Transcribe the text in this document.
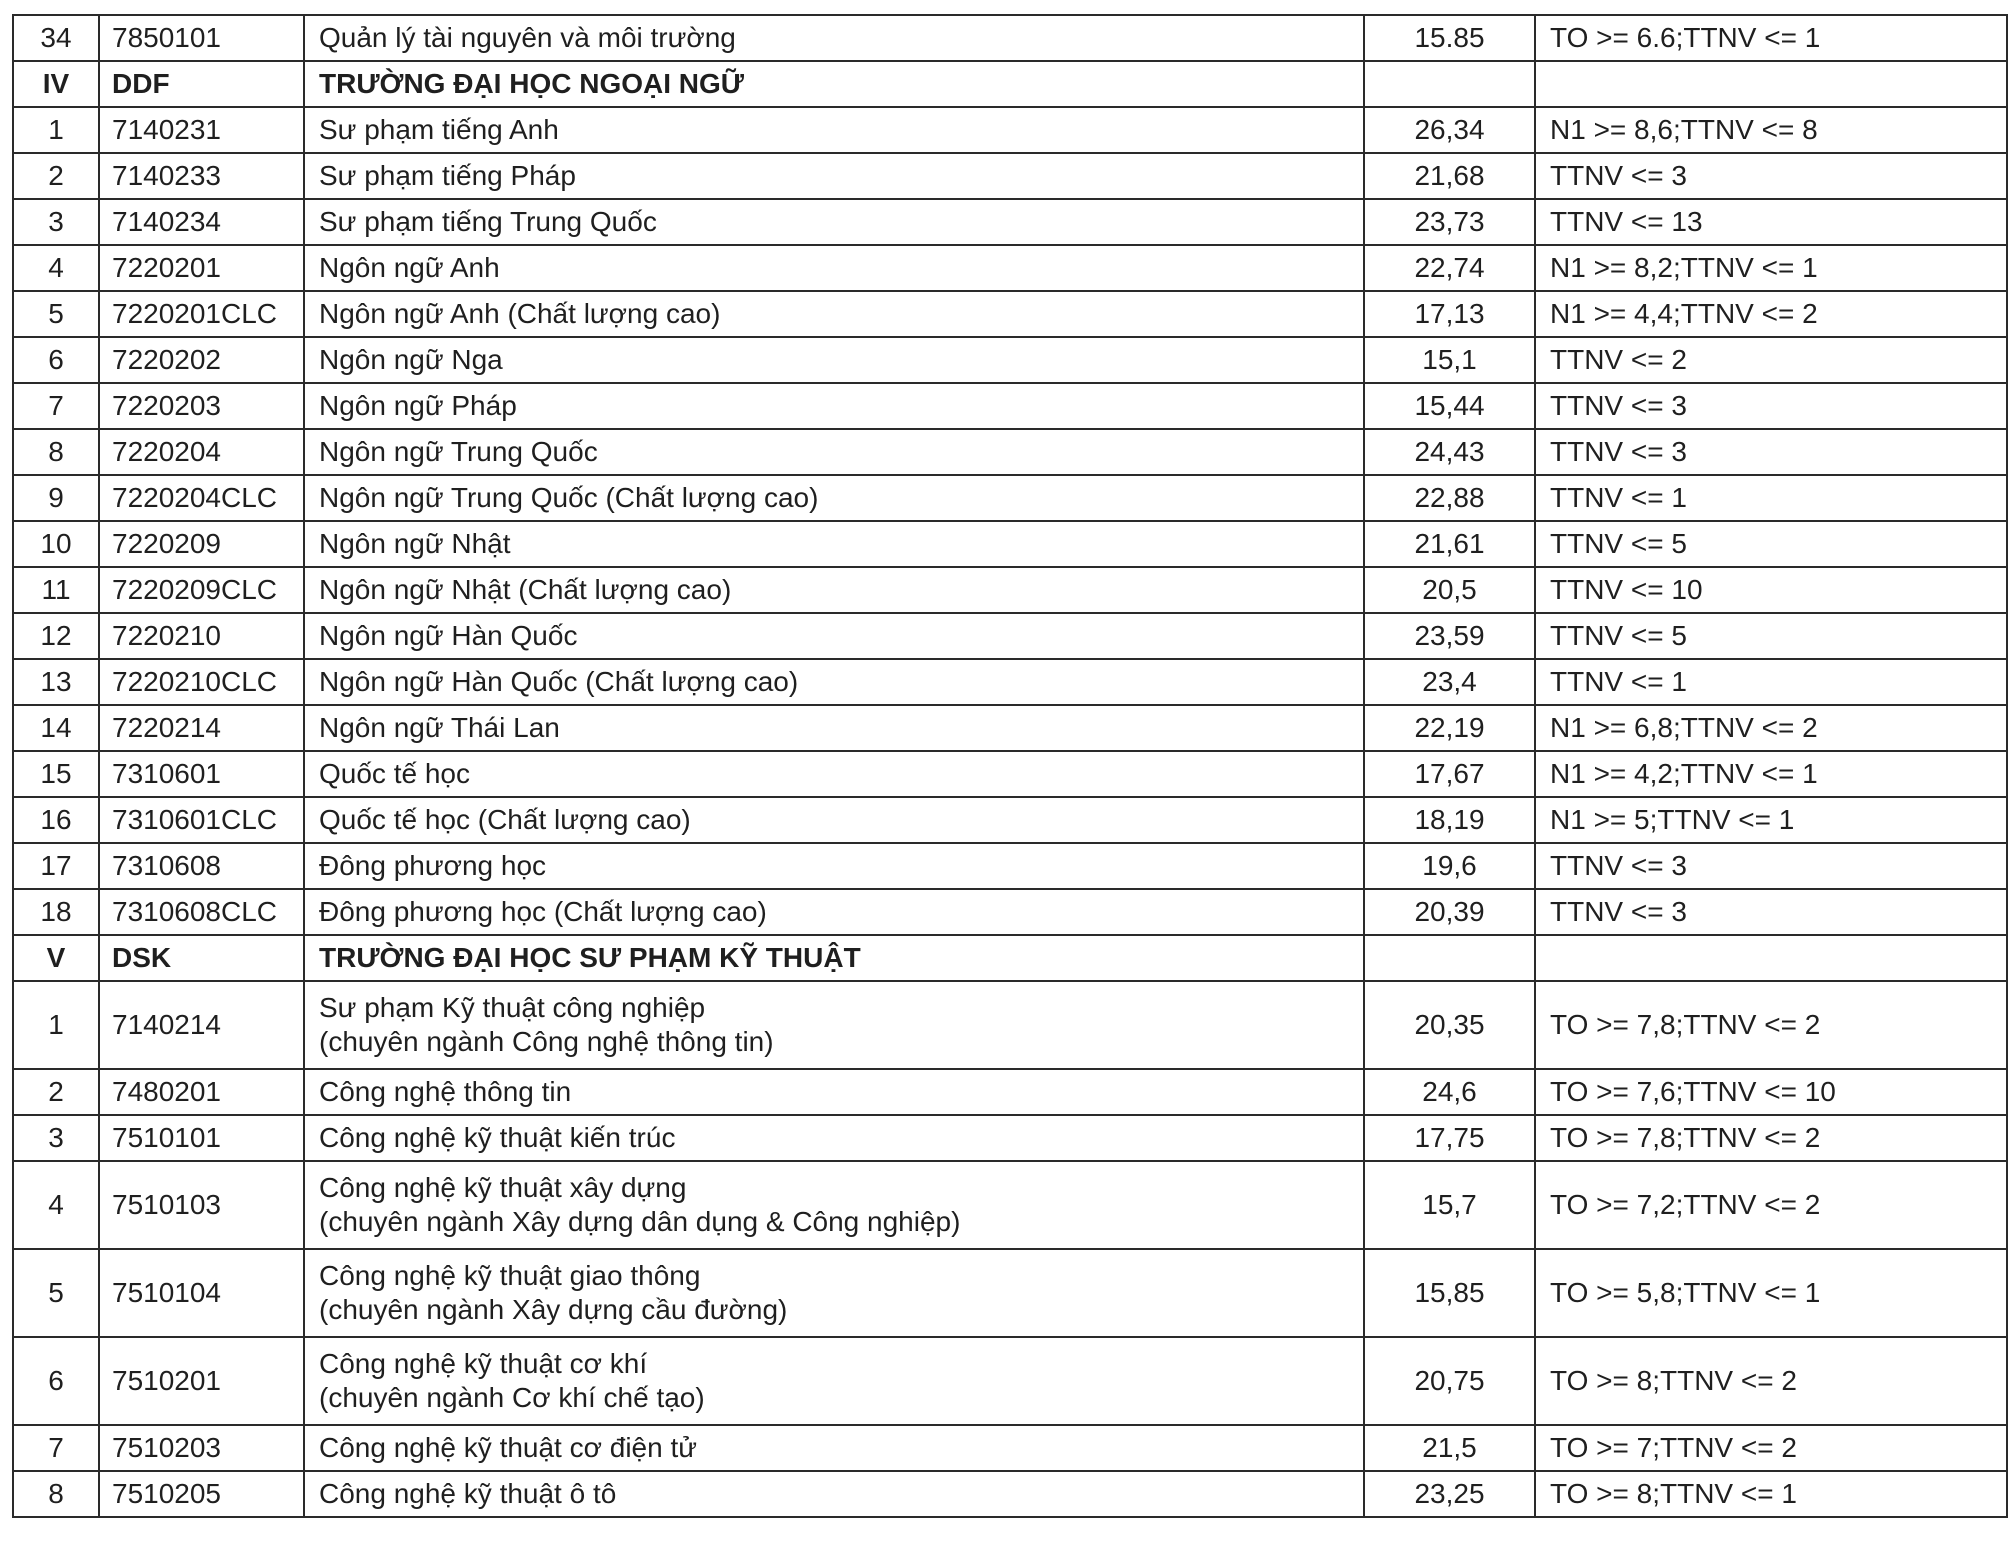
34	7850101	Quản lý tài nguyên và môi trường	15.85	TO >= 6.6;TTNV <= 1
IV	DDF	TRƯỜNG ĐẠI HỌC NGOẠI NGỮ		

1	7140231	Sư phạm tiếng Anh	26,34	N1 >= 8,6;TTNV <= 8
2	7140233	Sư phạm tiếng Pháp	21,68	TTNV <= 3
3	7140234	Sư phạm tiếng Trung Quốc	23,73	TTNV <= 13
4	7220201	Ngôn ngữ Anh	22,74	N1 >= 8,2;TTNV <= 1
5	7220201CLC	Ngôn ngữ Anh (Chất lượng cao)	17,13	N1 >= 4,4;TTNV <= 2
6	7220202	Ngôn ngữ Nga	15,1	TTNV <= 2
7	7220203	Ngôn ngữ Pháp	15,44	TTNV <= 3
8	7220204	Ngôn ngữ Trung Quốc	24,43	TTNV <= 3
9	7220204CLC	Ngôn ngữ Trung Quốc (Chất lượng cao)	22,88	TTNV <= 1
10	7220209	Ngôn ngữ Nhật	21,61	TTNV <= 5
11	7220209CLC	Ngôn ngữ Nhật (Chất lượng cao)	20,5	TTNV <= 10
12	7220210	Ngôn ngữ Hàn Quốc	23,59	TTNV <= 5
13	7220210CLC	Ngôn ngữ Hàn Quốc (Chất lượng cao)	23,4	TTNV <= 1
14	7220214	Ngôn ngữ Thái Lan	22,19	N1 >= 6,8;TTNV <= 2
15	7310601	Quốc tế học	17,67	N1 >= 4,2;TTNV <= 1
16	7310601CLC	Quốc tế học (Chất lượng cao)	18,19	N1 >= 5;TTNV <= 1
17	7310608	Đông phương học	19,6	TTNV <= 3
18	7310608CLC	Đông phương học (Chất lượng cao)	20,39	TTNV <= 3
V	DSK	TRƯỜNG ĐẠI HỌC SƯ PHẠM KỸ THUẬT		

1	7140214	Sư phạm Kỹ thuật công nghiệp
(chuyên ngành Công nghệ thông tin)	20,35	TO >= 7,8;TTNV <= 2
2	7480201	Công nghệ thông tin	24,6	TO >= 7,6;TTNV <= 10
3	7510101	Công nghệ kỹ thuật kiến trúc	17,75	TO >= 7,8;TTNV <= 2
4	7510103	Công nghệ kỹ thuật xây dựng
(chuyên ngành Xây dựng dân dụng & Công nghiệp)	15,7	TO >= 7,2;TTNV <= 2
5	7510104	Công nghệ kỹ thuật giao thông
(chuyên ngành Xây dựng cầu đường)	15,85	TO >= 5,8;TTNV <= 1
6	7510201	Công nghệ kỹ thuật cơ khí
(chuyên ngành Cơ khí chế tạo)	20,75	TO >= 8;TTNV <= 2
7	7510203	Công nghệ kỹ thuật cơ điện tử	21,5	TO >= 7;TTNV <= 2
8	7510205	Công nghệ kỹ thuật ô tô	23,25	TO >= 8;TTNV <= 1
